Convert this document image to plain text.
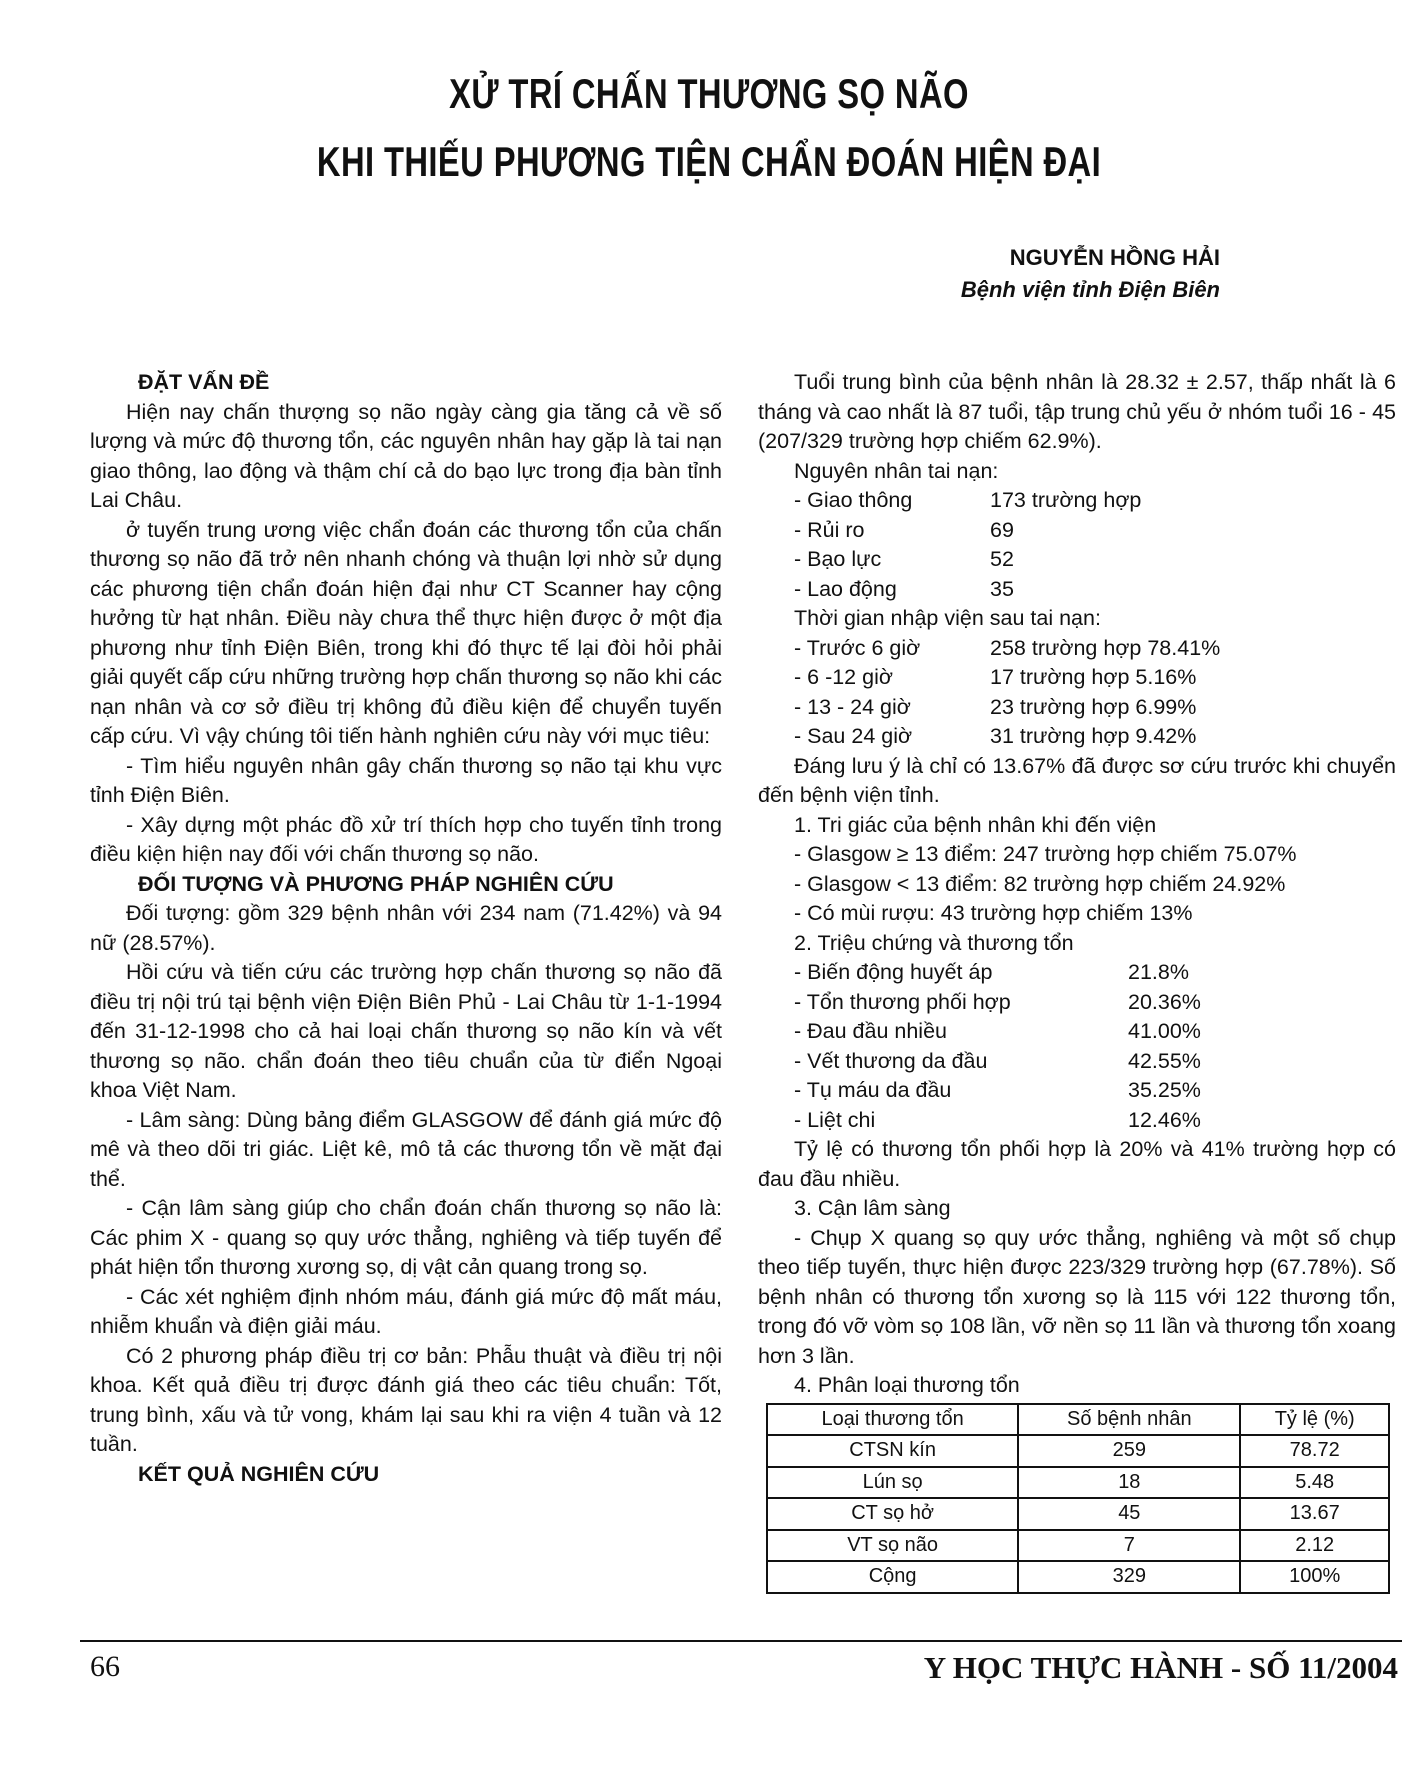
XỬ TRÍ CHẤN THƯƠNG SỌ NÃO
KHI THIẾU PHƯƠNG TIỆN CHẨN ĐOÁN HIỆN ĐẠI
NGUYỄN HỒNG HẢI
Bệnh viện tỉnh Điện Biên

ĐẶT VẤN ĐỀ

Hiện nay chấn thượng sọ não ngày càng gia tăng cả về số lượng và mức độ thương tổn, các nguyên nhân hay gặp là tai nạn giao thông, lao động và thậm chí cả do bạo lực trong địa bàn tỉnh Lai Châu.

ở tuyến trung ương việc chẩn đoán các thương tổn của chấn thương sọ não đã trở nên nhanh chóng và thuận lợi nhờ sử dụng các phương tiện chẩn đoán hiện đại như CT Scanner hay cộng hưởng từ hạt nhân. Điều này chưa thể thực hiện được ở một địa phương như tỉnh Điện Biên, trong khi đó thực tế lại đòi hỏi phải giải quyết cấp cứu những trường hợp chấn thương sọ não khi các nạn nhân và cơ sở điều trị không đủ điều kiện để chuyển tuyến cấp cứu. Vì vậy chúng tôi tiến hành nghiên cứu này với mục tiêu:

- Tìm hiểu nguyên nhân gây chấn thương sọ não tại khu vực tỉnh Điện Biên.

- Xây dựng một phác đồ xử trí thích hợp cho tuyến tỉnh trong điều kiện hiện nay đối với chấn thương sọ não.

ĐỐI TƯỢNG VÀ PHƯƠNG PHÁP NGHIÊN CỨU

Đối tượng: gồm 329 bệnh nhân với 234 nam (71.42%) và 94 nữ (28.57%).

Hồi cứu và tiến cứu các trường hợp chấn thương sọ não đã điều trị nội trú tại bệnh viện Điện Biên Phủ - Lai Châu từ 1-1-1994 đến 31-12-1998 cho cả hai loại chấn thương sọ não kín và vết thương sọ não. chẩn đoán theo tiêu chuẩn của từ điển Ngoại khoa Việt Nam.

- Lâm sàng: Dùng bảng điểm GLASGOW để đánh giá mức độ mê và theo dõi tri giác. Liệt kê, mô tả các thương tổn về mặt đại thể.

- Cận lâm sàng giúp cho chẩn đoán chấn thương sọ não là: Các phim X - quang sọ quy ước thẳng, nghiêng và tiếp tuyến để phát hiện tổn thương xương sọ, dị vật cản quang trong sọ.

- Các xét nghiệm định nhóm máu, đánh giá mức độ mất máu, nhiễm khuẩn và điện giải máu.

Có 2 phương pháp điều trị cơ bản: Phẫu thuật và điều trị nội khoa. Kết quả điều trị được đánh giá theo các tiêu chuẩn: Tốt, trung bình, xấu và tử vong, khám lại sau khi ra viện 4 tuần và 12 tuần.

KẾT QUẢ NGHIÊN CỨU

Tuổi trung bình của bệnh nhân là 28.32 ± 2.57, thấp nhất là 6 tháng và cao nhất là 87 tuổi, tập trung chủ yếu ở nhóm tuổi 16 - 45 (207/329 trường hợp chiếm 62.9%).

Nguyên nhân tai nạn:

- Giao thông	173 trường hợp
- Rủi ro	69
- Bạo lực	52
- Lao động	35

Thời gian nhập viện sau tai nạn:

- Trước 6 giờ	258 trường hợp 78.41%
- 6 -12 giờ	17 trường hợp 5.16%
- 13 - 24 giờ	23 trường hợp 6.99%
- Sau 24 giờ	31 trường hợp 9.42%

Đáng lưu ý là chỉ có 13.67% đã được sơ cứu trước khi chuyển đến bệnh viện tỉnh.

1. Tri giác của bệnh nhân khi đến viện

- Glasgow ≥ 13 điểm: 247 trường hợp chiếm 75.07%

- Glasgow < 13 điểm: 82 trường hợp chiếm 24.92%

- Có mùi rượu: 43 trường hợp chiếm 13%

2. Triệu chứng và thương tổn

- Biến động huyết áp	21.8%
- Tổn thương phối hợp	20.36%
- Đau đầu nhiều	41.00%
- Vết thương da đầu	42.55%
- Tụ máu da đầu	35.25%
- Liệt chi	12.46%

Tỷ lệ có thương tổn phối hợp là 20% và 41% trường hợp có đau đầu nhiều.

3. Cận lâm sàng

- Chụp X quang sọ quy ước thẳng, nghiêng và một số chụp theo tiếp tuyến, thực hiện được 223/329 trường hợp (67.78%). Số bệnh nhân có thương tổn xương sọ là 115 với 122 thương tổn, trong đó vỡ vòm sọ 108 lần, vỡ nền sọ 11 lần và thương tổn xoang hơn 3 lần.

4. Phân loại thương tổn

Loại thương tổn	Số bệnh nhân	Tỷ lệ (%)
CTSN kín	259	78.72
Lún sọ	18	5.48
CT sọ hở	45	13.67
VT sọ não	7	2.12
Cộng	329	100%
66	Y HỌC THỰC HÀNH - SỐ 11/2004
